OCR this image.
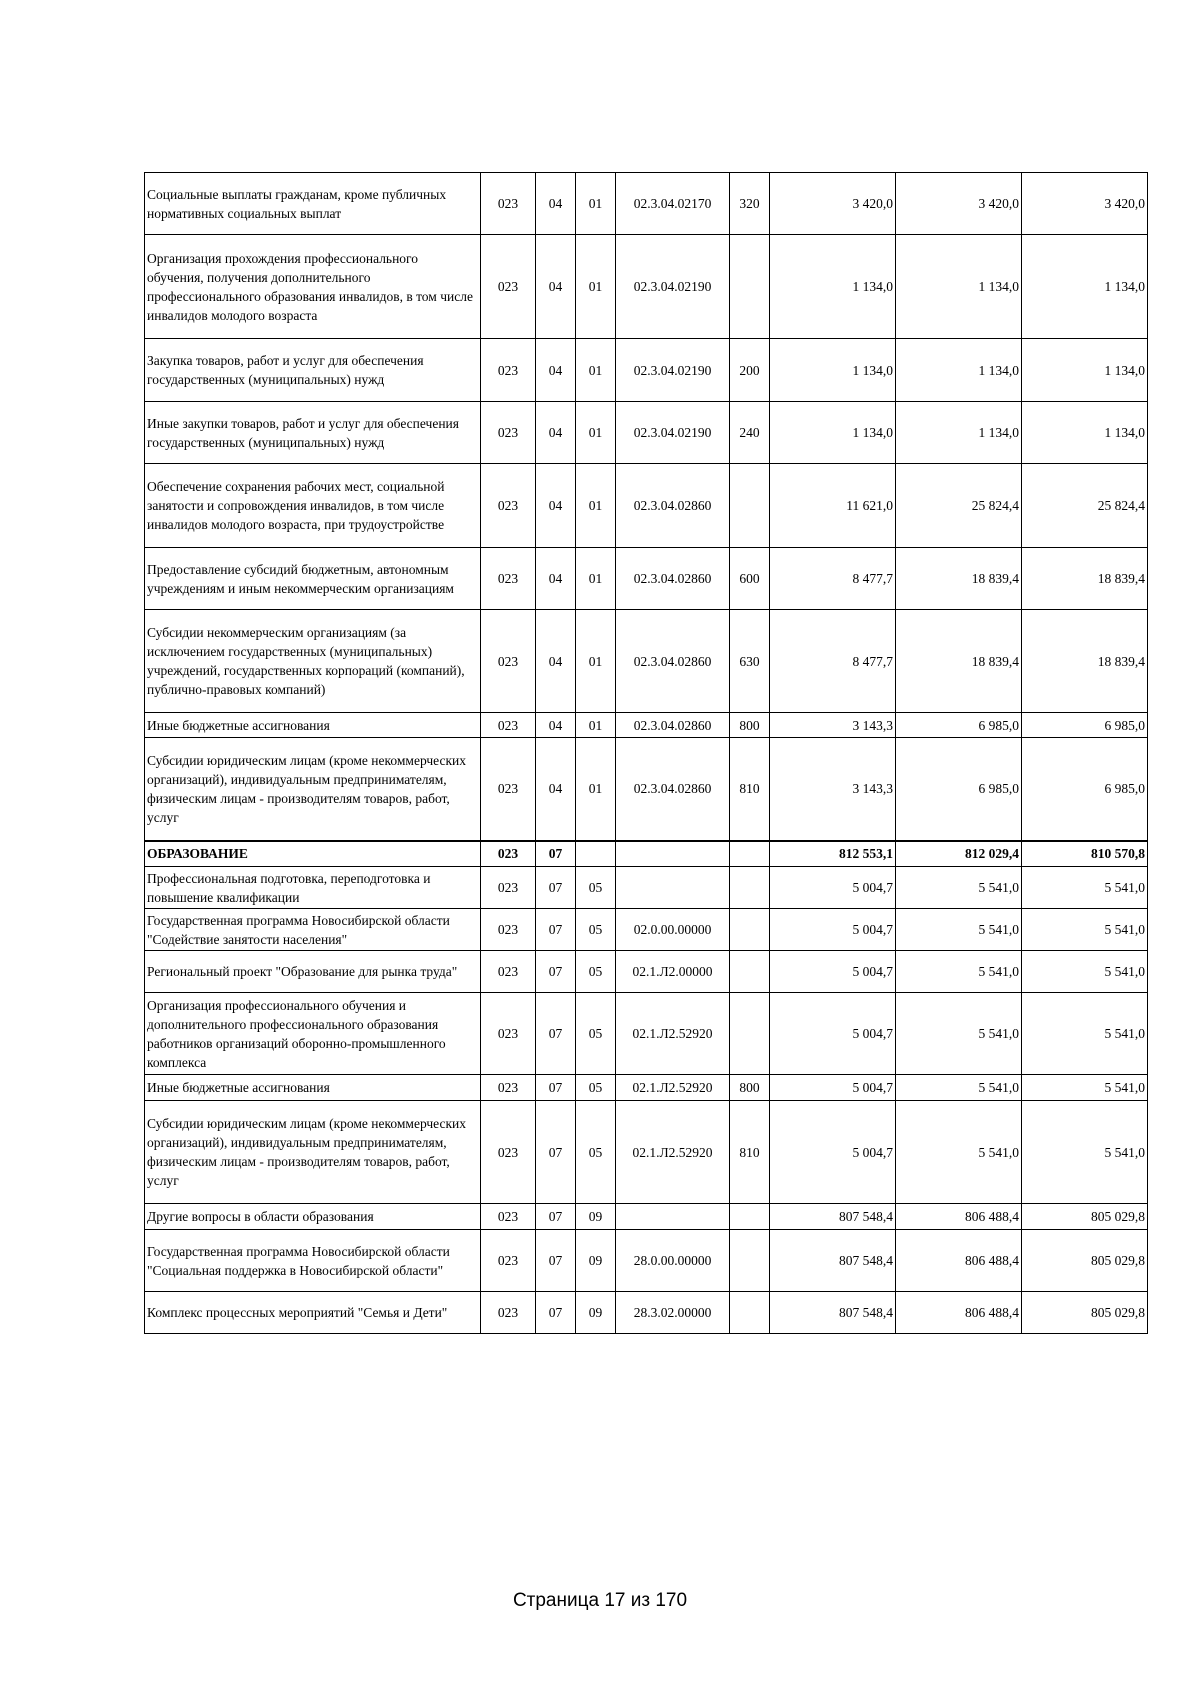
Социальные выплаты гражданам, кроме публичных нормативных социальных выплат	023	04	01	02.3.04.02170	320	3 420,0	3 420,0	3 420,0
Организация прохождения профессионального обучения, получения дополнительного профессионального образования инвалидов, в том числе инвалидов молодого возраста	023	04	01	02.3.04.02190		1 134,0	1 134,0	1 134,0
Закупка товаров, работ и услуг для обеспечения государственных (муниципальных) нужд	023	04	01	02.3.04.02190	200	1 134,0	1 134,0	1 134,0
Иные закупки товаров, работ и услуг для обеспечения государственных (муниципальных) нужд	023	04	01	02.3.04.02190	240	1 134,0	1 134,0	1 134,0
Обеспечение сохранения рабочих мест, социальной занятости и сопровождения инвалидов, в том числе инвалидов молодого возраста, при трудоустройстве	023	04	01	02.3.04.02860		11 621,0	25 824,4	25 824,4
Предоставление субсидий бюджетным, автономным учреждениям и иным некоммерческим организациям	023	04	01	02.3.04.02860	600	8 477,7	18 839,4	18 839,4
Субсидии некоммерческим организациям (за исключением государственных (муниципальных) учреждений, государственных корпораций (компаний), публично-правовых компаний)	023	04	01	02.3.04.02860	630	8 477,7	18 839,4	18 839,4
Иные бюджетные ассигнования	023	04	01	02.3.04.02860	800	3 143,3	6 985,0	6 985,0
Субсидии юридическим лицам (кроме некоммерческих организаций), индивидуальным предпринимателям, физическим лицам - производителям товаров, работ, услуг	023	04	01	02.3.04.02860	810	3 143,3	6 985,0	6 985,0
ОБРАЗОВАНИЕ	023	07				812 553,1	812 029,4	810 570,8
Профессиональная подготовка, переподготовка и повышение квалификации	023	07	05			5 004,7	5 541,0	5 541,0
Государственная программа Новосибирской области "Содействие занятости населения"	023	07	05	02.0.00.00000		5 004,7	5 541,0	5 541,0
Региональный проект "Образование для рынка труда"	023	07	05	02.1.Л2.00000		5 004,7	5 541,0	5 541,0
Организация профессионального обучения и дополнительного профессионального образования работников организаций оборонно-промышленного комплекса	023	07	05	02.1.Л2.52920		5 004,7	5 541,0	5 541,0
Иные бюджетные ассигнования	023	07	05	02.1.Л2.52920	800	5 004,7	5 541,0	5 541,0
Субсидии юридическим лицам (кроме некоммерческих организаций), индивидуальным предпринимателям, физическим лицам - производителям товаров, работ, услуг	023	07	05	02.1.Л2.52920	810	5 004,7	5 541,0	5 541,0
Другие вопросы в области образования	023	07	09			807 548,4	806 488,4	805 029,8
Государственная программа Новосибирской области "Социальная поддержка в Новосибирской области"	023	07	09	28.0.00.00000		807 548,4	806 488,4	805 029,8
Комплекс процессных мероприятий "Семья и Дети"	023	07	09	28.3.02.00000		807 548,4	806 488,4	805 029,8
Страница 17 из 170
